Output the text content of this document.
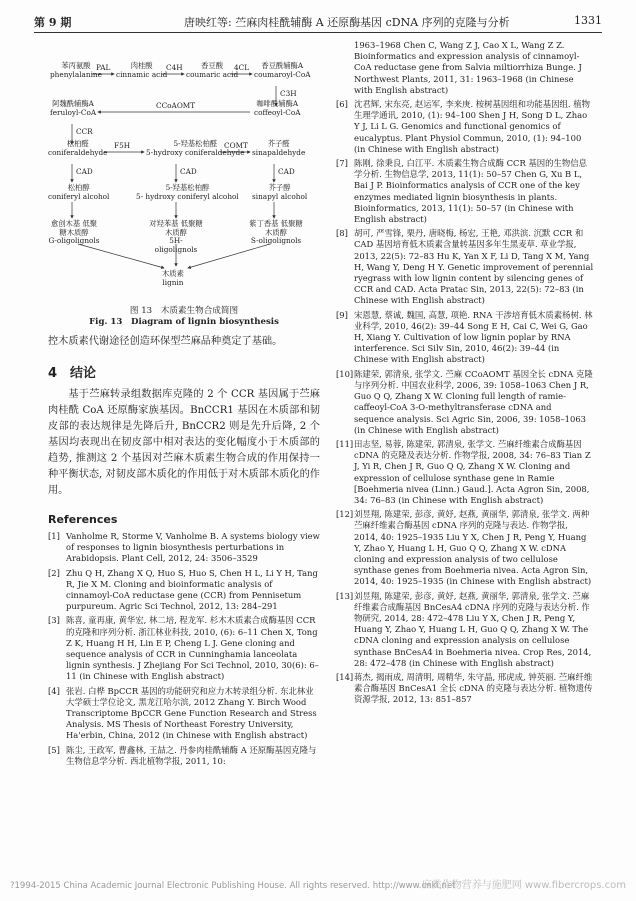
第 9 期	唐映红等: 苎麻肉桂酰辅酶 A 还原酶基因 cDNA 序列的克隆与分析	1331
苯丙氨酸
phenylalanine
肉桂酸
cinnamic acid
香豆酸
coumaric acid
香豆酰辅酶A
coumaroyl-CoA
阿魏酰辅酶A
feruloyl-CoA
咖啡酰辅酶A
coffeoyl-CoA
松柏醛
coniferaldehyde
5-羟基松柏醛
5-hydroxy coniferaldehyde
芥子醛
sinapaldehyde
松柏醇
coniferyl alcohol
5-羟基松柏醇
5- hydroxy coniferyl alcohol
芥子醇
sinapyl alcohol
愈创木基 低聚糖木质醇
G-oligolignols
对羟苯基 低聚糖木质醇
5H-oligolignols
紫丁香基 低聚糖木质醇
S-oligolignols
木质素
lignin
PAL	C4H	4CL
C3H
CCoAOMT
CCR
F5H	COMT
CAD	CAD	CAD
图 13　木质素生物合成简图
Fig. 13　 Diagram of lignin biosynthesis

控木质素代谢途径创造环保型苎麻品种奠定了基础。

4　结论

基于苎麻转录组数据库克隆的 2 个 CCR 基因属于苎麻肉桂酰 CoA 还原酶家族基因。BnCCR1 基因在木质部和韧皮部的表达规律是先降后升, BnCCR2 则是先升后降, 2 个基因均表现出在韧皮部中相对表达的变化幅度小于木质部的趋势, 推测这 2 个基因对苎麻木质素生物合成的作用保持一种平衡状态, 对韧皮部木质化的作用低于对木质部木质化的作用。

References
[1] Vanholme R, Storme V, Vanholme B. A systems biology view of responses to lignin biosynthesis perturbations in Arabidopsis. Plant Cell, 2012, 24: 3506–3529
[2] Zhu Q H, Zhang X Q, Huo S, Huo S, Chen H L, Li Y H, Tang R, Jie X M. Cloning and bioinformatic analysis of cinnamoyl-CoA reductase gene (CCR) from Pennisetum purpureum. Agric Sci Technol, 2012, 13: 284–291
[3] 陈喜, 童再康, 黄华宏, 林二培, 程龙军. 杉木木质素合成酶基因 CCR 的克隆和序列分析. 浙江林业科技, 2010, (6): 6–11 Chen X, Tong Z K, Huang H H, Lin E P, Cheng L J. Gene cloning and sequence analysis of CCR in Cunninghamia lanceolata lignin synthesis. J Zhejiang For Sci Technol, 2010, 30(6): 6–11 (in Chinese with English abstract)
[4] 张岩. 白桦 BpCCR 基因的功能研究和应力木转录组分析. 东北林业大学硕士学位论文, 黑龙江哈尔滨, 2012 Zhang Y. Birch Wood Transcriptome BpCCR Gene Function Research and Stress Analysis. MS Thesis of Northeast Forestry University, Ha'erbin, China, 2012 (in Chinese with English abstract)
[5] 陈尘, 王政军, 曹鑫林, 王喆之. 丹参肉桂酰辅酶 A 还原酶基因克隆与生物信息学分析. 西北植物学报, 2011, 10:
1963–1968 Chen C, Wang Z J, Cao X L, Wang Z Z. Bioinformatics and expression analysis of cinnamoyl-CoA reductase gene from Salvia miltiorrhiza Bunge. J Northwest Plants, 2011, 31: 1963–1968 (in Chinese with English abstract)
[6] 沈君辉, 宋东亮, 赵运军, 李来庚. 桉树基因组和功能基因组. 植物生理学通讯, 2010, (1): 94–100 Shen J H, Song D L, Zhao Y J, Li L G. Genomics and functional genomics of eucalyptus. Plant Physiol Commun, 2010, (1): 94–100 (in Chinese with English abstract)
[7] 陈刚, 徐秉良, 白江平. 木质素生物合成酶 CCR 基因的生物信息学分析. 生物信息学, 2013, 11(1): 50–57 Chen G, Xu B L, Bai J P. Bioinformatics analysis of CCR one of the key enzymes mediated lignin biosynthesis in plants. Bioinformatics, 2013, 11(1): 50–57 (in Chinese with English abstract)
[8] 胡可, 严雪锋, 栗丹, 唐晓梅, 杨宏, 王艳, 邓洪滨. 沉默 CCR 和 CAD 基因培育低木质素含量转基因多年生黑麦草. 草业学报, 2013, 22(5): 72–83 Hu K, Yan X F, Li D, Tang X M, Yang H, Wang Y, Deng H Y. Genetic improvement of perennial ryegrass with low lignin content by silencing genes of CCR and CAD. Acta Pratac Sin, 2013, 22(5): 72–83 (in Chinese with English abstract)
[9] 宋恩慧, 蔡诚, 魏国, 高慧, 项艳. RNA 干涉培育低木质素杨树. 林业科学, 2010, 46(2): 39–44 Song E H, Cai C, Wei G, Gao H, Xiang Y. Cultivation of low lignin poplar by RNA interference. Sci Silv Sin, 2010, 46(2): 39–44 (in Chinese with English abstract)
[10] 陈建荣, 郭清泉, 张学文. 苎麻 CCoAOMT 基因全长 cDNA 克隆与序列分析. 中国农业科学, 2006, 39: 1058–1063 Chen J R, Guo Q Q, Zhang X W. Cloning full length of ramie-caffeoyl-CoA 3-O-methyltransferase cDNA and sequence analysis. Sci Agric Sin, 2006, 39: 1058–1063 (in Chinese with English abstract)
[11] 田志坚, 易蓉, 陈建荣, 郭清泉, 张学文. 苎麻纤维素合成酶基因 cDNA 的克隆及表达分析. 作物学报, 2008, 34: 76–83 Tian Z J, Yi R, Chen J R, Guo Q Q, Zhang X W. Cloning and expression of cellulose synthase gene in Ramie [Boehmeria nivea (Linn.) Gaud.]. Acta Agron Sin, 2008, 34: 76–83 (in Chinese with English abstract)
[12] 刘昱翔, 陈建荣, 彭彦, 黄妤, 赵燕, 黄丽华, 郭清泉, 张学文. 两种苎麻纤维素合酶基因 cDNA 序列的克隆与表达. 作物学报, 2014, 40: 1925–1935 Liu Y X, Chen J R, Peng Y, Huang Y, Zhao Y, Huang L H, Guo Q Q, Zhang X W. cDNA cloning and expression analysis of two cellulose synthase genes from Boehmeria nivea. Acta Agron Sin, 2014, 40: 1925–1935 (in Chinese with English abstract)
[13] 刘昱翔, 陈建荣, 彭彦, 黄妤, 赵燕, 黄丽华, 郭清泉, 张学文. 苎麻纤维素合成酶基因 BnCesA4 cDNA 序列的克隆与表达分析. 作物研究, 2014, 28: 472–478 Liu Y X, Chen J R, Peng Y, Huang Y, Zhao Y, Huang L H, Guo Q Q, Zhang X W. The cDNA cloning and expression analysis on cellulose synthase BnCesA4 in Boehmeria nivea. Crop Res, 2014, 28: 472–478 (in Chinese with English abstract)
[14] 蒋杰, 揭雨成, 周清明, 周精华, 朱守晶, 邢虎成, 钟英丽. 苎麻纤维素合酶基因 BnCesA1 全长 cDNA 的克隆与表达分析. 植物遗传资源学报, 2012, 13: 851–857
?1994-2015 China Academic Journal Electronic Publishing House. All rights reserved. http://www.cnki.net
麻类作物营养与施肥网 www.fibercrops.com
